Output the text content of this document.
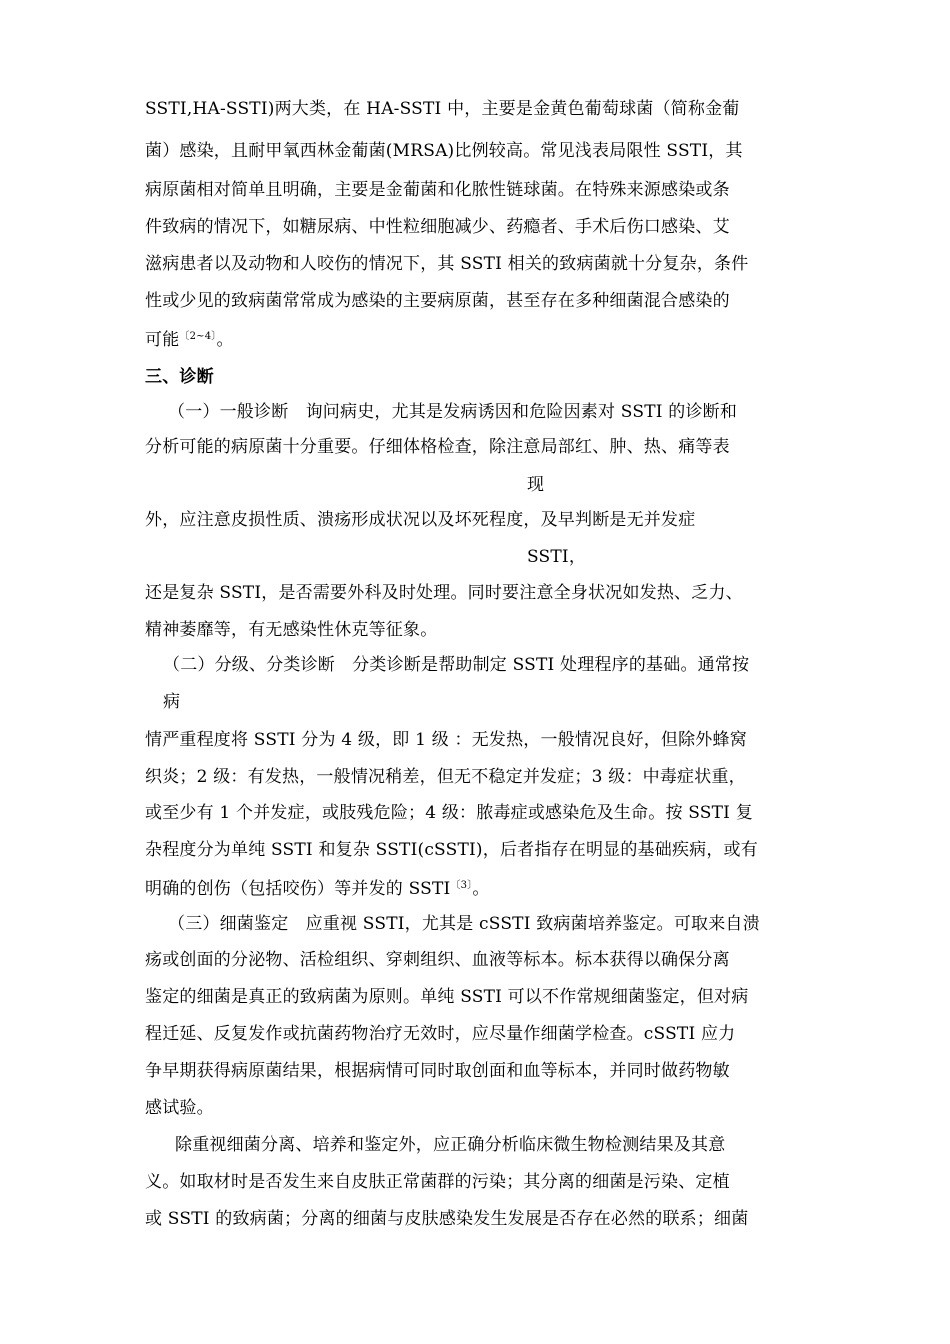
SSTI,HA-SSTI)两大类，在 HA-SSTI 中，主要是金黄色葡萄球菌（简称金葡
菌）感染，且耐甲氧西林金葡菌(MRSA)比例较高。常见浅表局限性 SSTI，其
病原菌相对简单且明确，主要是金葡菌和化脓性链球菌。在特殊来源感染或条
件致病的情况下，如糖尿病、中性粒细胞减少、药瘾者、手术后伤口感染、艾
滋病患者以及动物和人咬伤的情况下，其 SSTI 相关的致病菌就十分复杂，条件
性或少见的致病菌常常成为感染的主要病原菌，甚至存在多种细菌混合感染的
可能$^{〔2\sim 4〕}$。
三、诊断
（一）一般诊断　询问病史，尤其是发病诱因和危险因素对 SSTI 的诊断和
分析可能的病原菌十分重要。仔细体格检查，除注意局部红、肿、热、痛等表
现
外，应注意皮损性质、溃疡形成状况以及坏死程度，及早判断是无并发症
SSTI，
还是复杂 SSTI，是否需要外科及时处理。同时要注意全身状况如发热、乏力、
精神萎靡等，有无感染性休克等征象。
（二）分级、分类诊断　分类诊断是帮助制定 SSTI 处理程序的基础。通常按
病
情严重程度将 SSTI 分为 4 级，即 1 级 ：无发热，一般情况良好，但除外蜂窝
织炎；2 级：有发热，一般情况稍差，但无不稳定并发症；3 级：中毒症状重，
或至少有 1 个并发症，或肢残危险；4 级：脓毒症或感染危及生命。按 SSTI 复
杂程度分为单纯 SSTI 和复杂 SSTI(cSSTI)，后者指存在明显的基础疾病，或有
明确的创伤（包括咬伤）等并发的 $SSTI^{〔3〕}$。
（三）细菌鉴定　应重视 SSTI，尤其是 cSSTI 致病菌培养鉴定。可取来自溃
疡或创面的分泌物、活检组织、穿刺组织、血液等标本。标本获得以确保分离
鉴定的细菌是真正的致病菌为原则。单纯 SSTI 可以不作常规细菌鉴定，但对病
程迁延、反复发作或抗菌药物治疗无效时，应尽量作细菌学检查。cSSTI 应力
争早期获得病原菌结果，根据病情可同时取创面和血等标本，并同时做药物敏
感试验。
除重视细菌分离、培养和鉴定外，应正确分析临床微生物检测结果及其意
义。如取材时是否发生来自皮肤正常菌群的污染；其分离的细菌是污染、定植
或 SSTI 的致病菌；分离的细菌与皮肤感染发生发展是否存在必然的联系；细菌
